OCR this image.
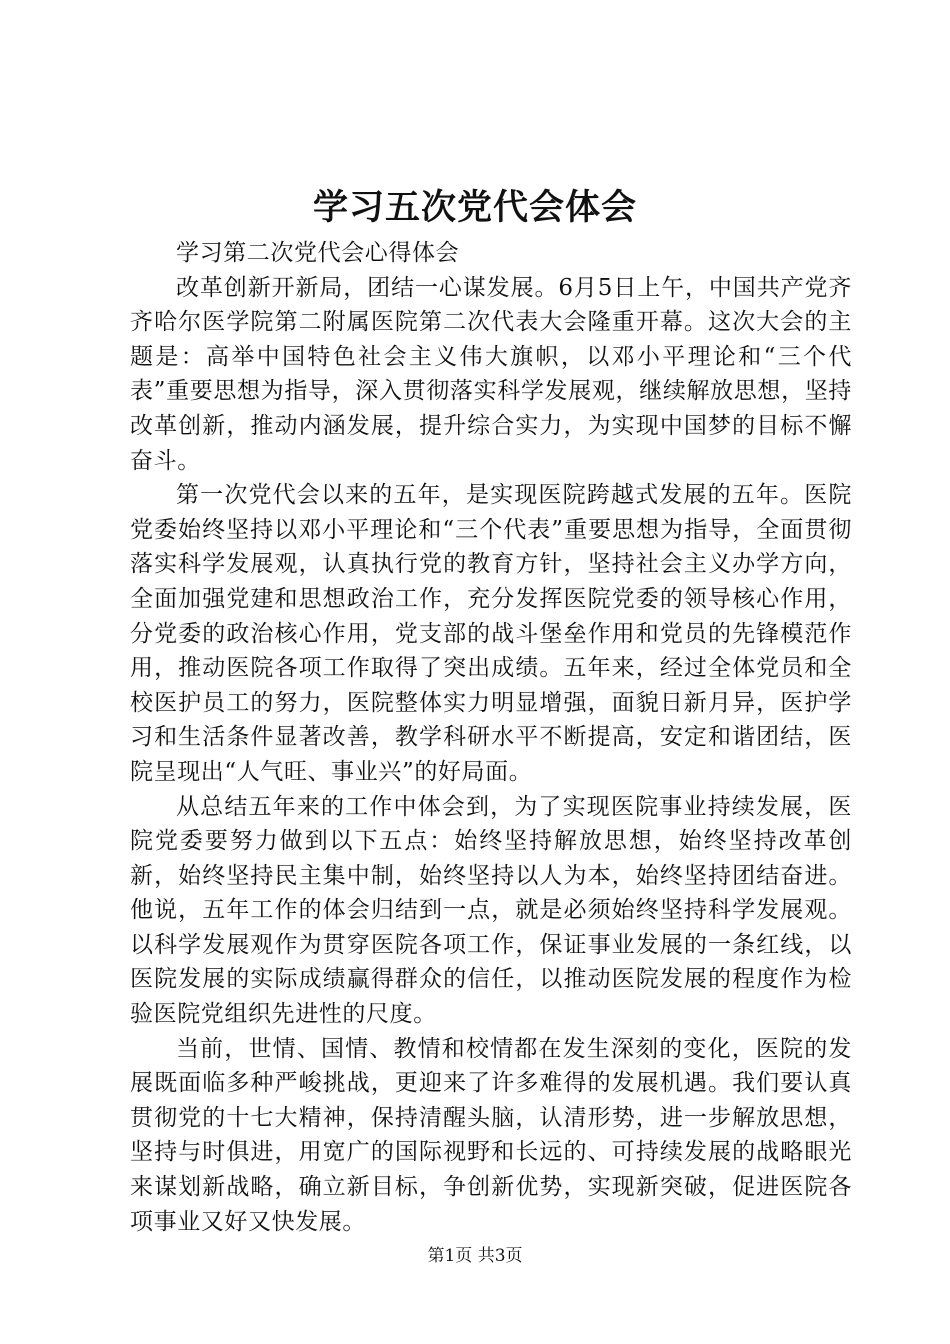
学习五次党代会体会

学习第二次党代会心得体会

改革创新开新局，团结一心谋发展。6月5日上午，中国共产党齐齐哈尔医学院第二附属医院第二次代表大会隆重开幕。这次大会的主题是：高举中国特色社会主义伟大旗帜，以邓小平理论和“三个代表”重要思想为指导，深入贯彻落实科学发展观，继续解放思想，坚持改革创新，推动内涵发展，提升综合实力，为实现中国梦的目标不懈奋斗。

第一次党代会以来的五年，是实现医院跨越式发展的五年。医院党委始终坚持以邓小平理论和“三个代表”重要思想为指导，全面贯彻落实科学发展观，认真执行党的教育方针，坚持社会主义办学方向，全面加强党建和思想政治工作，充分发挥医院党委的领导核心作用，分党委的政治核心作用，党支部的战斗堡垒作用和党员的先锋模范作用，推动医院各项工作取得了突出成绩。五年来，经过全体党员和全校医护员工的努力，医院整体实力明显增强，面貌日新月异，医护学习和生活条件显著改善，教学科研水平不断提高，安定和谐团结，医院呈现出“人气旺、事业兴”的好局面。

从总结五年来的工作中体会到，为了实现医院事业持续发展，医院党委要努力做到以下五点：始终坚持解放思想，始终坚持改革创新，始终坚持民主集中制，始终坚持以人为本，始终坚持团结奋进。他说，五年工作的体会归结到一点，就是必须始终坚持科学发展观。以科学发展观作为贯穿医院各项工作，保证事业发展的一条红线，以医院发展的实际成绩赢得群众的信任，以推动医院发展的程度作为检验医院党组织先进性的尺度。

当前，世情、国情、教情和校情都在发生深刻的变化，医院的发展既面临多种严峻挑战，更迎来了许多难得的发展机遇。我们要认真贯彻党的十七大精神，保持清醒头脑，认清形势，进一步解放思想，坚持与时俱进，用宽广的国际视野和长远的、可持续发展的战略眼光来谋划新战略，确立新目标，争创新优势，实现新突破，促进医院各项事业又好又快发展。

第1页 共3页
